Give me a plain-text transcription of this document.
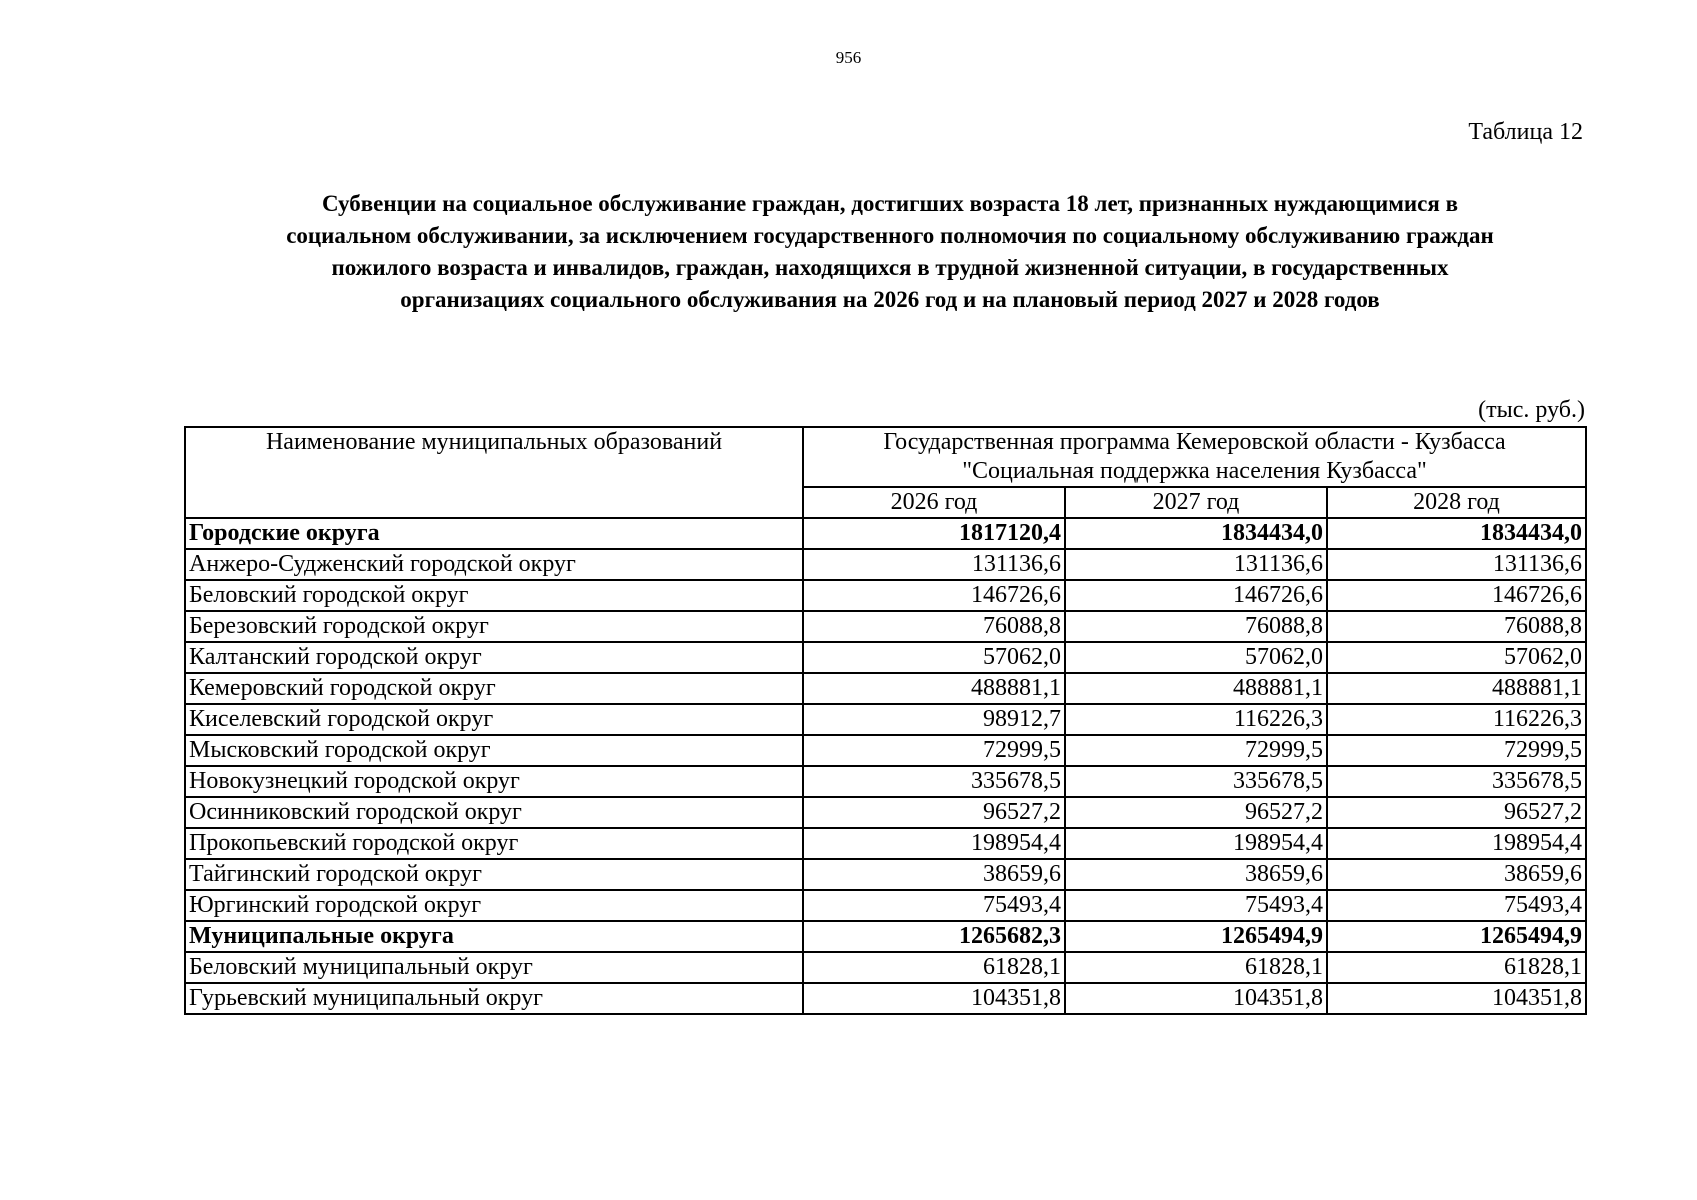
956
Таблица 12
Субвенции на социальное обслуживание граждан, достигших возраста 18 лет, признанных нуждающимися в
социальном обслуживании, за исключением государственного полномочия по социальному обслуживанию граждан
пожилого возраста и инвалидов, граждан, находящихся в трудной жизненной ситуации, в государственных
организациях социального обслуживания на 2026 год и на плановый период 2027 и 2028 годов
(тыс. руб.)
Наименование муниципальных образований	Государственная программа Кемеровской области - Кузбасса
"Социальная поддержка населения Кузбасса"		

	2026 год	2027 год	2028 год
Городские округа	1817120,4	1834434,0	1834434,0
Анжеро-Судженский городской округ	131136,6	131136,6	131136,6
Беловский городской округ	146726,6	146726,6	146726,6
Березовский городской округ	76088,8	76088,8	76088,8
Калтанский городской округ	57062,0	57062,0	57062,0
Кемеровский городской округ	488881,1	488881,1	488881,1
Киселевский городской округ	98912,7	116226,3	116226,3
Мысковский городской округ	72999,5	72999,5	72999,5
Новокузнецкий городской округ	335678,5	335678,5	335678,5
Осинниковский городской округ	96527,2	96527,2	96527,2
Прокопьевский городской округ	198954,4	198954,4	198954,4
Тайгинский городской округ	38659,6	38659,6	38659,6
Юргинский городской округ	75493,4	75493,4	75493,4
Муниципальные округа	1265682,3	1265494,9	1265494,9
Беловский муниципальный округ	61828,1	61828,1	61828,1
Гурьевский муниципальный округ	104351,8	104351,8	104351,8
